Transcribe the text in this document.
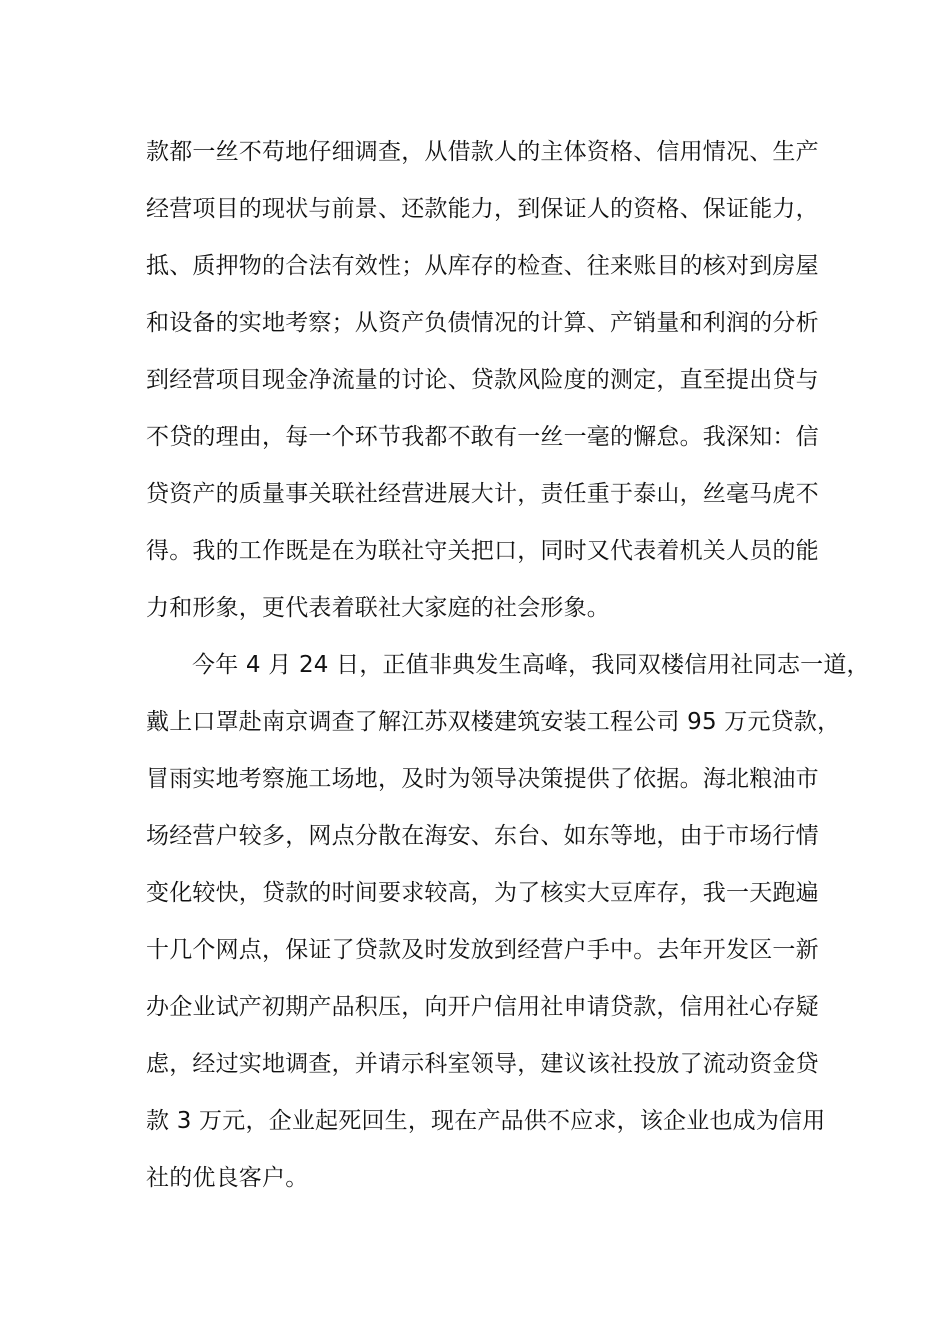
款都一丝不苟地仔细调查，从借款人的主体资格、信用情况、生产
经营项目的现状与前景、还款能力，到保证人的资格、保证能力，
抵、质押物的合法有效性；从库存的检查、往来账目的核对到房屋
和设备的实地考察；从资产负债情况的计算、产销量和利润的分析
到经营项目现金净流量的讨论、贷款风险度的测定，直至提出贷与
不贷的理由，每一个环节我都不敢有一丝一毫的懈怠。我深知：信
贷资产的质量事关联社经营进展大计，责任重于泰山，丝毫马虎不
得。我的工作既是在为联社守关把口，同时又代表着机关人员的能
力和形象，更代表着联社大家庭的社会形象。
今年 4 月 24 日，正值非典发生高峰，我同双楼信用社同志一道，
戴上口罩赴南京调查了解江苏双楼建筑安装工程公司 95 万元贷款，
冒雨实地考察施工场地，及时为领导决策提供了依据。海北粮油市
场经营户较多，网点分散在海安、东台、如东等地，由于市场行情
变化较快，贷款的时间要求较高，为了核实大豆库存，我一天跑遍
十几个网点，保证了贷款及时发放到经营户手中。去年开发区一新
办企业试产初期产品积压，向开户信用社申请贷款，信用社心存疑
虑，经过实地调查，并请示科室领导，建议该社投放了流动资金贷
款 3 万元，企业起死回生，现在产品供不应求，该企业也成为信用
社的优良客户。
